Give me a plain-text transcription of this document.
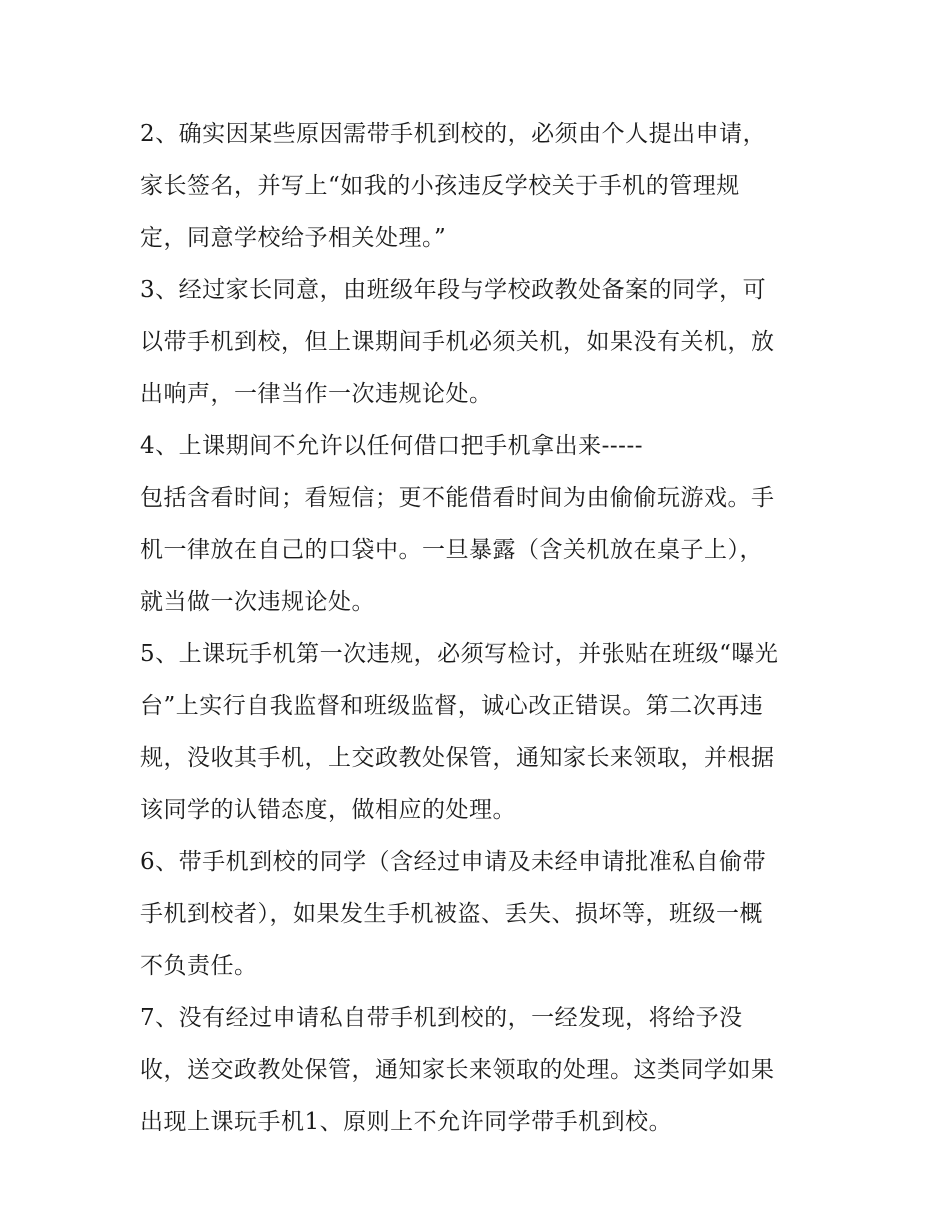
2、确实因某些原因需带手机到校的，必须由个人提出申请，
家长签名，并写上“如我的小孩违反学校关于手机的管理规
定，同意学校给予相关处理。”
3、经过家长同意，由班级年段与学校政教处备案的同学，可
以带手机到校，但上课期间手机必须关机，如果没有关机，放
出响声，一律当作一次违规论处。
4、上课期间不允许以任何借口把手机拿出来-----
包括含看时间；看短信；更不能借看时间为由偷偷玩游戏。手
机一律放在自己的口袋中。一旦暴露（含关机放在桌子上），
就当做一次违规论处。
5、上课玩手机第一次违规，必须写检讨，并张贴在班级“曝光
台”上实行自我监督和班级监督，诚心改正错误。第二次再违
规，没收其手机，上交政教处保管，通知家长来领取，并根据
该同学的认错态度，做相应的处理。
6、带手机到校的同学（含经过申请及未经申请批准私自偷带
手机到校者），如果发生手机被盗、丢失、损坏等，班级一概
不负责任。
7、没有经过申请私自带手机到校的，一经发现，将给予没
收，送交政教处保管，通知家长来领取的处理。这类同学如果
出现上课玩手机1、原则上不允许同学带手机到校。
